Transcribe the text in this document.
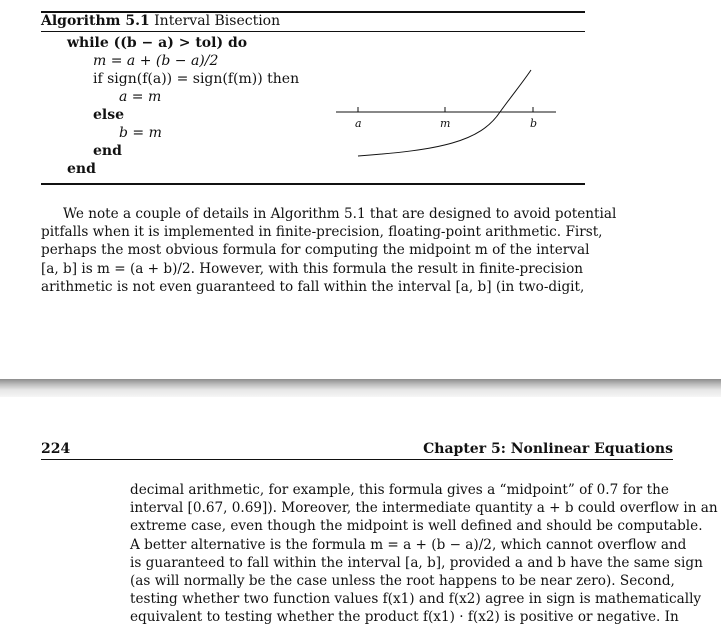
Algorithm 5.1 Interval Bisection
while ((b − a) > tol) do
m = a + (b − a)/2
if sign(f(a)) = sign(f(m)) then
a = m
else
b = m
end
end
a	m	b
We note a couple of details in Algorithm 5.1 that are designed to avoid potential
pitfalls when it is implemented in finite-precision, floating-point arithmetic. First,
perhaps the most obvious formula for computing the midpoint m of the interval
[a, b] is m = (a + b)/2. However, with this formula the result in finite-precision
arithmetic is not even guaranteed to fall within the interval [a, b] (in two-digit,
224	Chapter 5: Nonlinear Equations
decimal arithmetic, for example, this formula gives a “midpoint” of 0.7 for the
interval [0.67, 0.69]). Moreover, the intermediate quantity a + b could overflow in an
extreme case, even though the midpoint is well defined and should be computable.
A better alternative is the formula m = a + (b − a)/2, which cannot overflow and
is guaranteed to fall within the interval [a, b], provided a and b have the same sign
(as will normally be the case unless the root happens to be near zero). Second,
testing whether two function values f(x1) and f(x2) agree in sign is mathematically
equivalent to testing whether the product f(x1) · f(x2) is positive or negative. In
